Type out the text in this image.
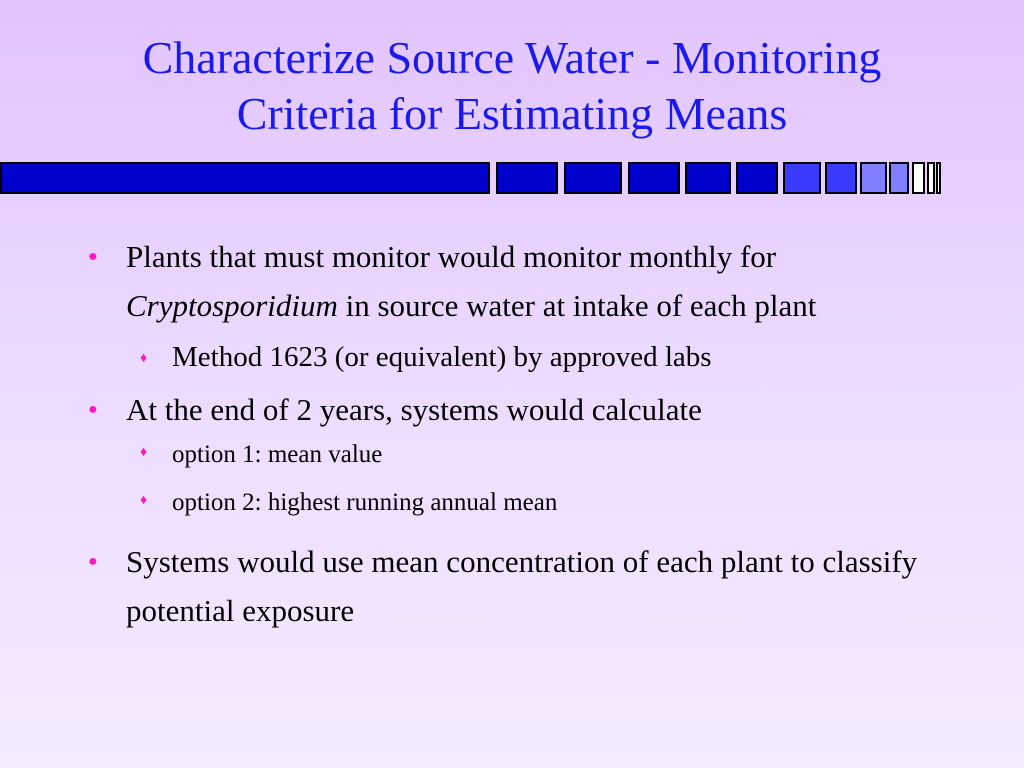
Characterize Source Water - Monitoring
Criteria for Estimating Means
● Plants that must monitor would monitor monthly for Cryptosporidium in source water at intake of each plant
♦ Method 1623 (or equivalent) by approved labs
● At the end of 2 years, systems would calculate
♦ option 1: mean value
♦ option 2: highest running annual mean
● Systems would use mean concentration of each plant to classify potential exposure
